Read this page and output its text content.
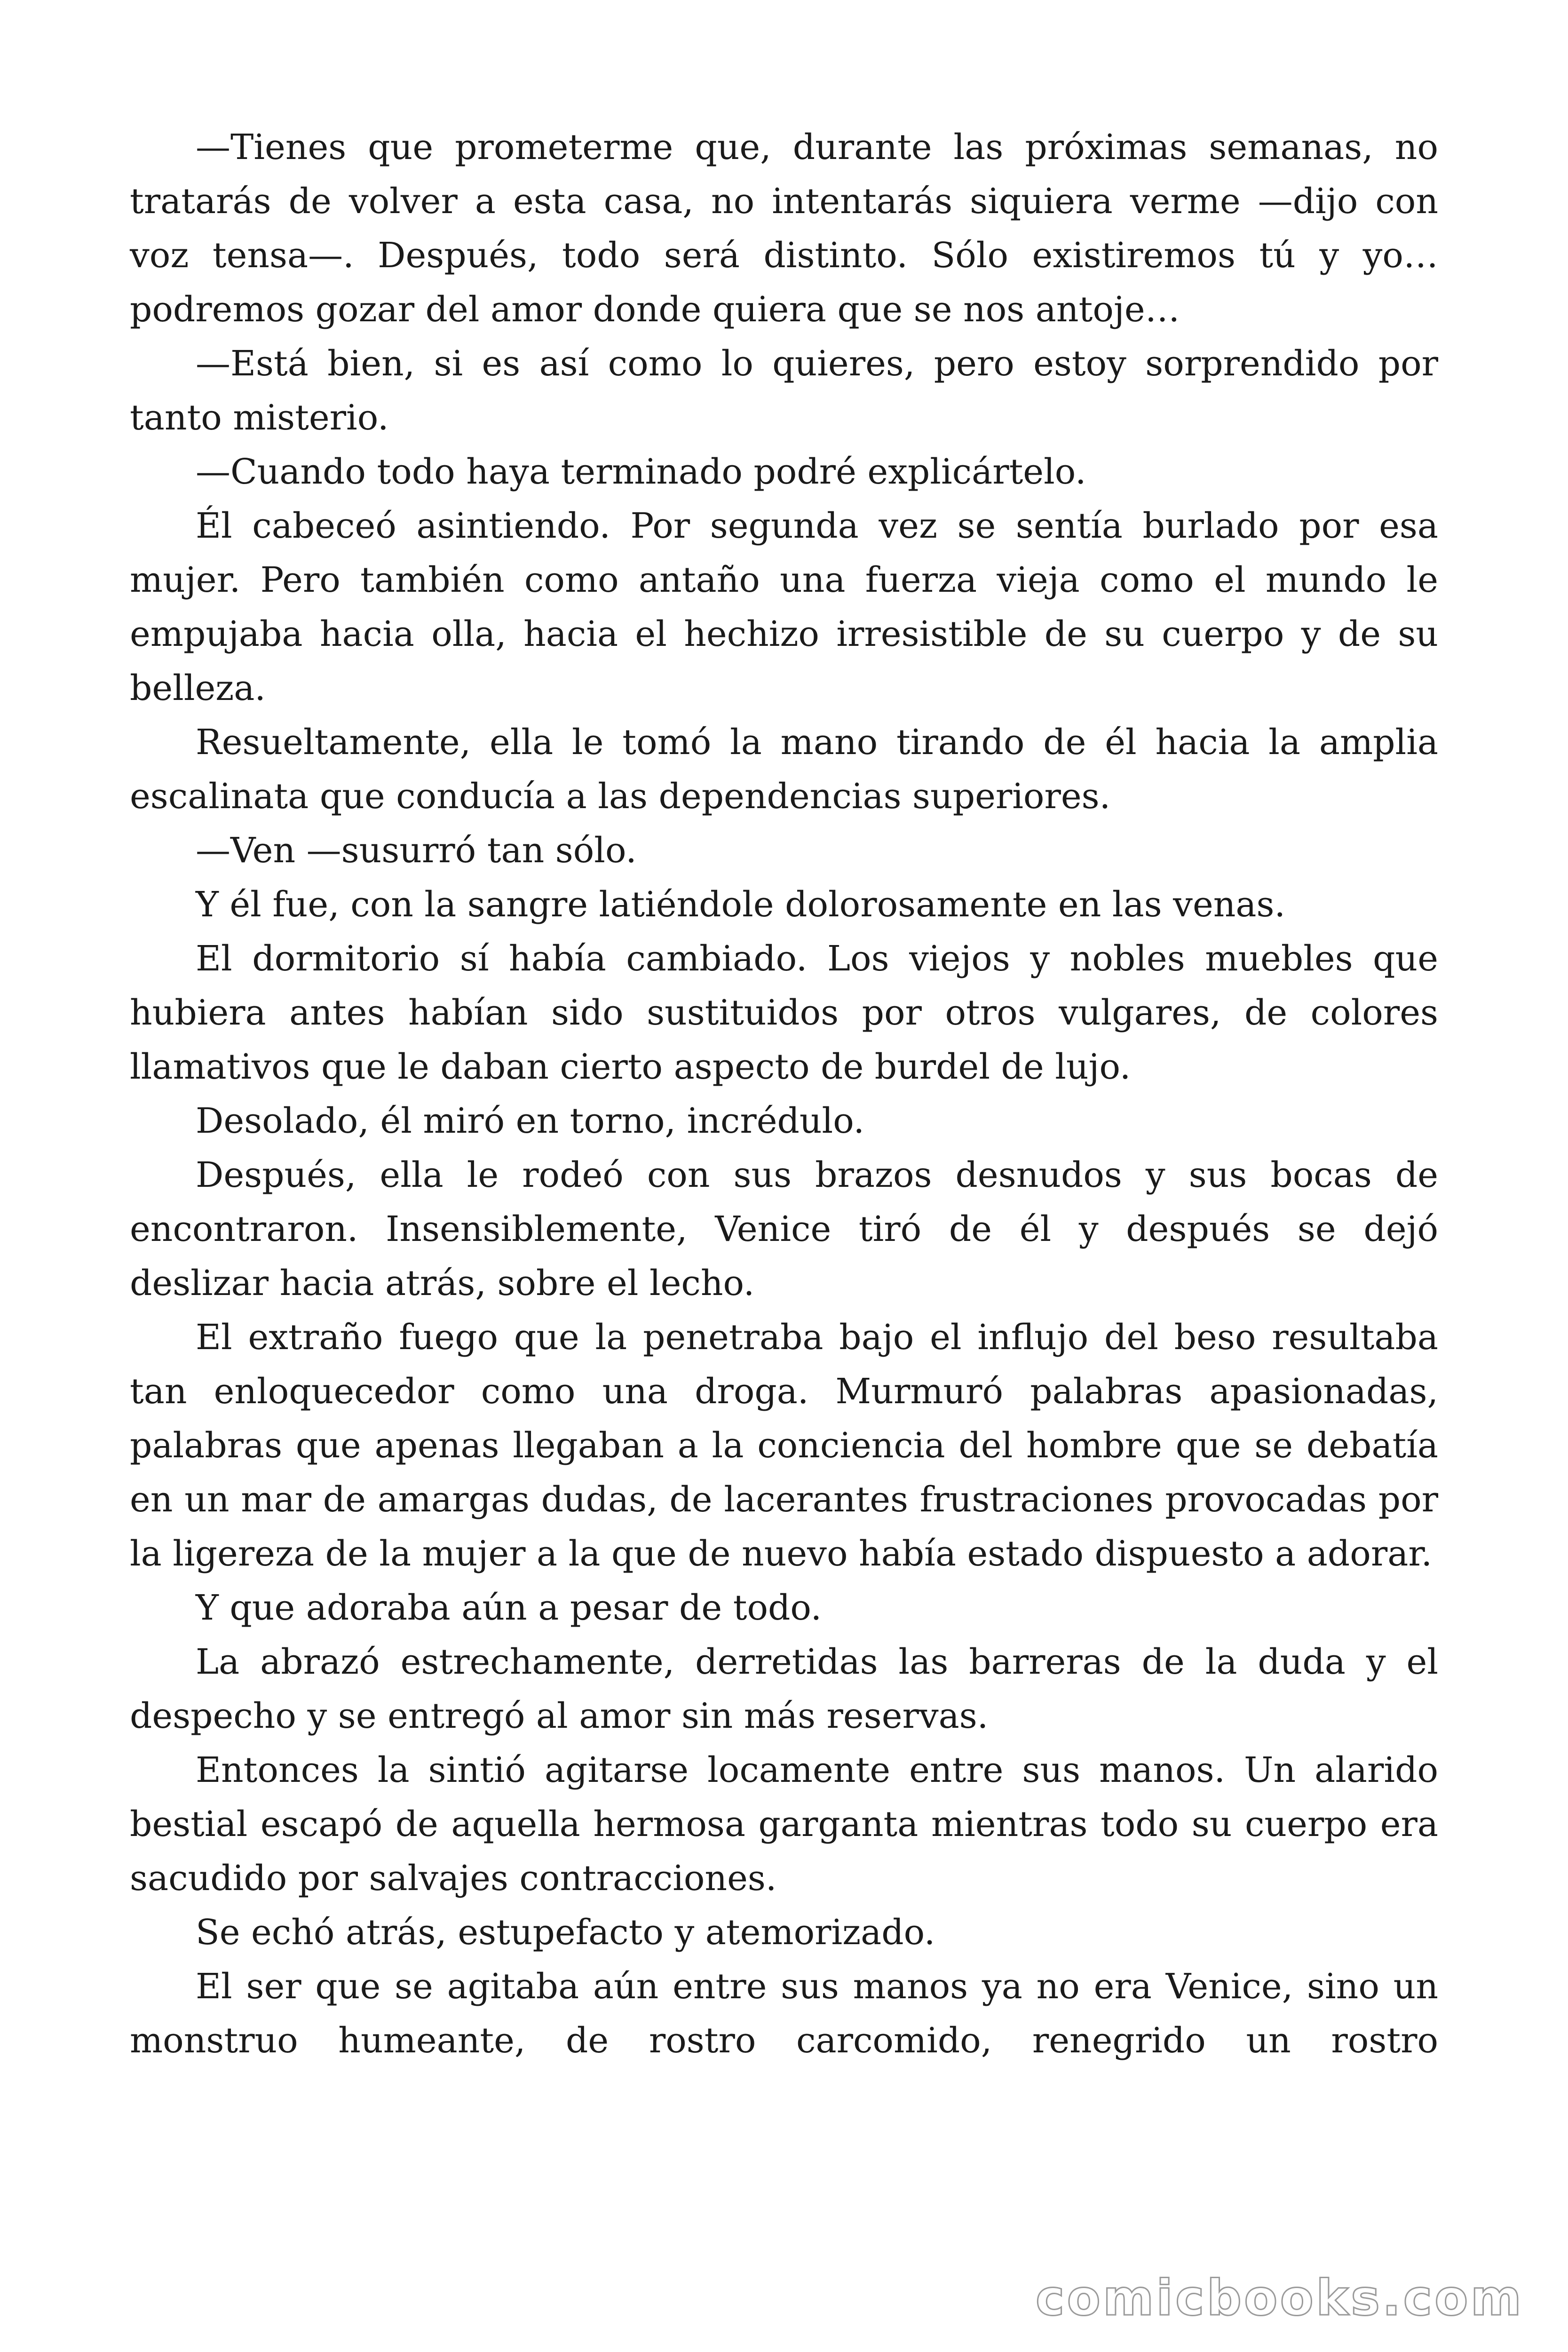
—Tienes que prometerme que, durante las próximas semanas, no tratarás de volver a esta casa, no intentarás siquiera verme —dijo con voz tensa—. Después, todo será distinto. Sólo existiremos tú y yo… podremos gozar del amor donde quiera que se nos antoje…

—Está bien, si es así como lo quieres, pero estoy sorprendido por tanto misterio.

—Cuando todo haya terminado podré explicártelo.

Él cabeceó asintiendo. Por segunda vez se sentía burlado por esa mujer. Pero también como antaño una fuerza vieja como el mundo le empujaba hacia olla, hacia el hechizo irresistible de su cuerpo y de su belleza.

Resueltamente, ella le tomó la mano tirando de él hacia la amplia escalinata que conducía a las dependencias superiores.

—Ven —susurró tan sólo.

Y él fue, con la sangre latiéndole dolorosamente en las venas.

El dormitorio sí había cambiado. Los viejos y nobles muebles que hubiera antes habían sido sustituidos por otros vulgares, de colores llamativos que le daban cierto aspecto de burdel de lujo.

Desolado, él miró en torno, incrédulo.

Después, ella le rodeó con sus brazos desnudos y sus bocas de encontraron. Insensiblemente, Venice tiró de él y después se dejó deslizar hacia atrás, sobre el lecho.

El extraño fuego que la penetraba bajo el influjo del beso resultaba tan enloquecedor como una droga. Murmuró palabras apasionadas, palabras que apenas llegaban a la conciencia del hombre que se debatía en un mar de amargas dudas, de lacerantes frustraciones provocadas por la ligereza de la mujer a la que de nuevo había estado dispuesto a adorar.

Y que adoraba aún a pesar de todo.

La abrazó estrechamente, derretidas las barreras de la duda y el despecho y se entregó al amor sin más reservas.

Entonces la sintió agitarse locamente entre sus manos. Un alarido bestial escapó de aquella hermosa garganta mientras todo su cuerpo era sacudido por salvajes contracciones.

Se echó atrás, estupefacto y atemorizado.

El ser que se agitaba aún entre sus manos ya no era Venice, sino un monstruo humeante, de rostro carcomido, renegrido un rostro

comicbooks.com
